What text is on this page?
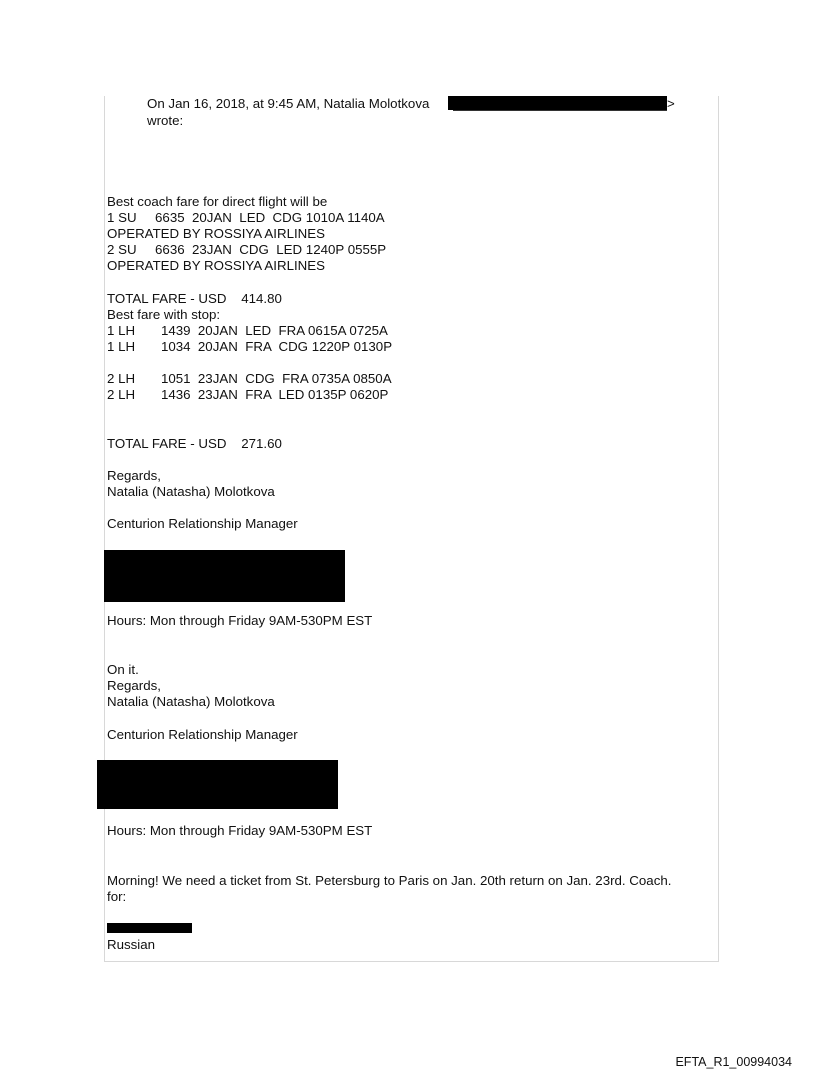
On Jan 16, 2018, at 9:45 AM, Natalia Molotkova	>
wrote:
Best coach fare for direct flight will be
1 SU     6635  20JAN  LED  CDG 1010A 1140A
OPERATED BY ROSSIYA AIRLINES
2 SU     6636  23JAN  CDG  LED 1240P 0555P
OPERATED BY ROSSIYA AIRLINES
TOTAL FARE - USD    414.80
Best fare with stop:
1 LH       1439  20JAN  LED  FRA 0615A 0725A
1 LH       1034  20JAN  FRA  CDG 1220P 0130P
2 LH       1051  23JAN  CDG  FRA 0735A 0850A
2 LH       1436  23JAN  FRA  LED 0135P 0620P
TOTAL FARE - USD    271.60
Regards,
Natalia (Natasha) Molotkova
Centurion Relationship Manager
Hours: Mon through Friday 9AM-530PM EST
On it.
Regards,
Natalia (Natasha) Molotkova
Centurion Relationship Manager
Hours: Mon through Friday 9AM-530PM EST
Morning! We need a ticket from St. Petersburg to Paris on Jan. 20th return on Jan. 23rd. Coach.
for:
Russian
EFTA_R1_00994034
